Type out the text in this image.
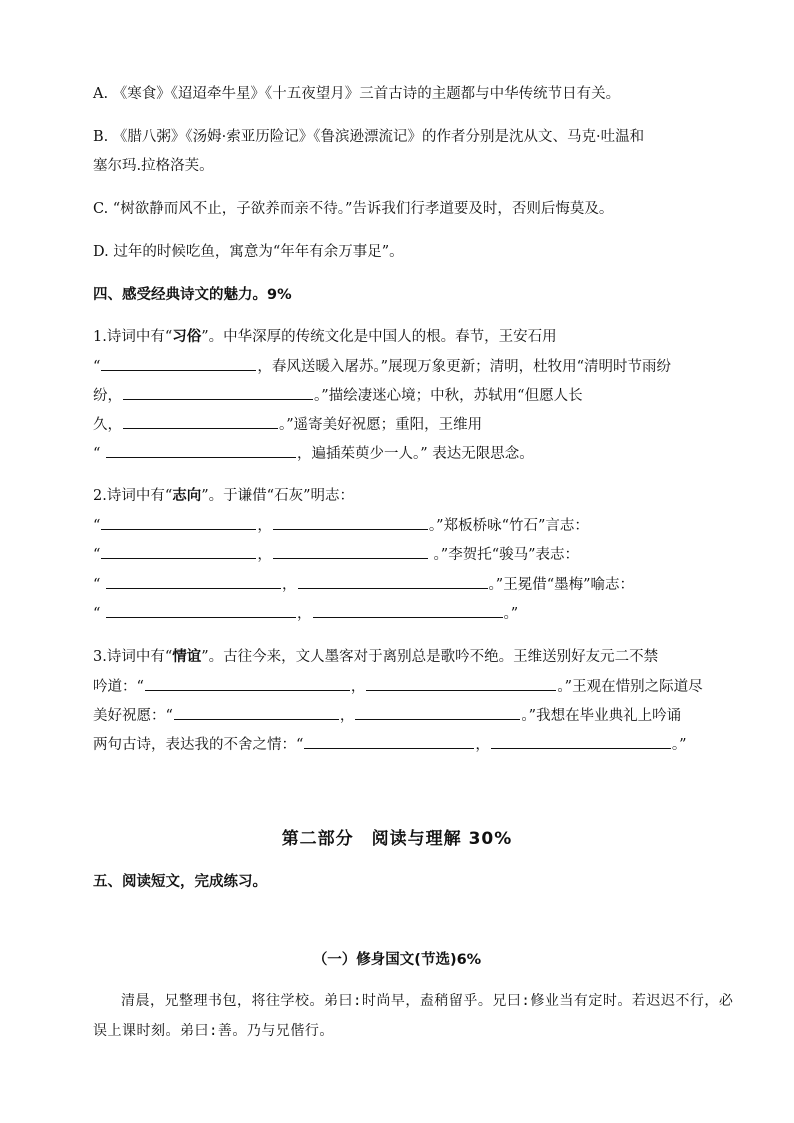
A. 《寒食》《迢迢牵牛星》《十五夜望月》三首古诗的主题都与中华传统节日有关。
B. 《腊八粥》《汤姆·索亚历险记》《鲁滨逊漂流记》的作者分别是沈从文、马克·吐温和
塞尔玛.拉格洛芙。
C. “树欲静而风不止，子欲养而亲不待。”告诉我们行孝道要及时，否则后悔莫及。
D. 过年的时候吃鱼，寓意为“年年有余万事足”。
四、感受经典诗文的魅力。9%
1.诗词中有“习俗”。中华深厚的传统文化是中国人的根。春节，王安石用
“	，春风送暖入屠苏。”展现万象更新；清明，杜牧用“清明时节雨纷
纷，	。”描绘凄迷心境；中秋，苏轼用“但愿人长
久，	。”遥寄美好祝愿；重阳，王维用
“	，遍插茱萸少一人。” 表达无限思念。
2.诗词中有“志向”。于谦借“石灰”明志：
“	，	。”郑板桥咏“竹石”言志：
“	，	。”李贺托“骏马”表志：
“	，	。”王冕借“墨梅”喻志：
“	，	。”
3.诗词中有“情谊”。古往今来，文人墨客对于离别总是歌吟不绝。王维送别好友元二不禁
吟道：“	，	。”王观在惜别之际道尽
美好祝愿：“	，	。”我想在毕业典礼上吟诵
两句古诗，表达我的不舍之情：“	，	。”
第二部分　阅读与理解 30%
五、阅读短文，完成练习。
（一）修身国文(节选)6%
清晨，兄整理书包，将往学校。弟曰:时尚早，盍稍留乎。兄曰:修业当有定时。若迟迟不行，必误上课时刻。弟曰:善。乃与兄偕行。
